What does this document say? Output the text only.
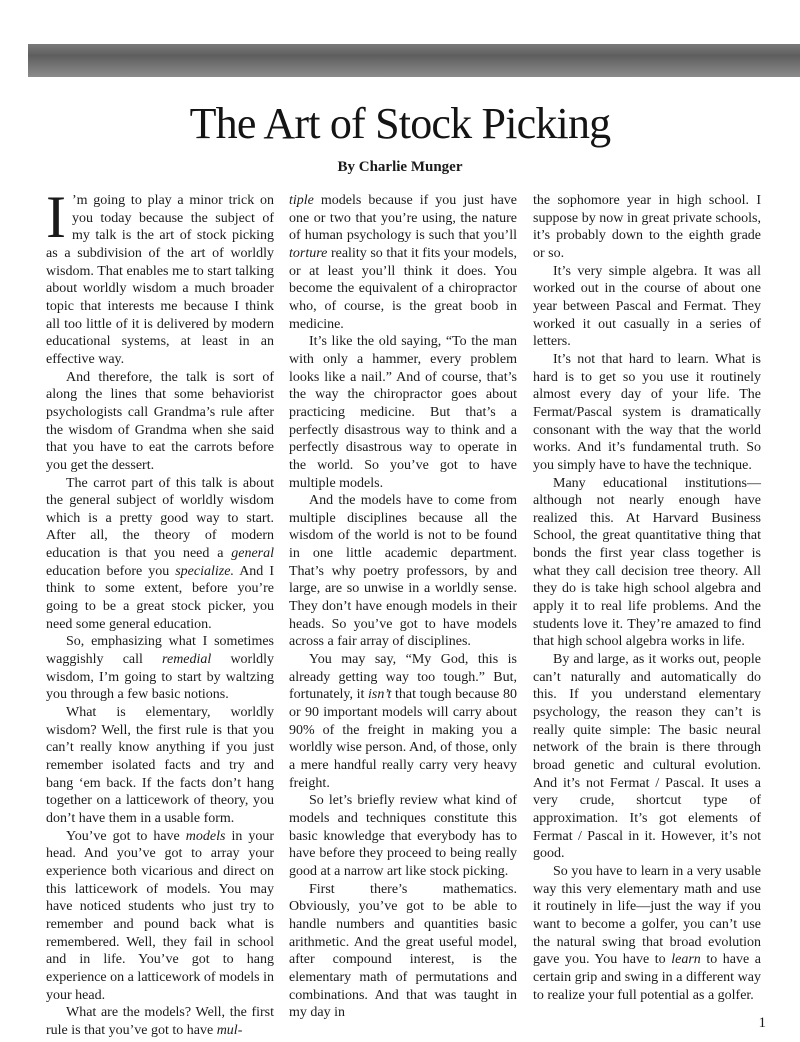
The Art of Stock Picking
By Charlie Munger

I ’m going to play a minor trick on you today because the subject of my talk is the art of stock picking as a subdivision of the art of worldly wisdom. That enables me to start talking about worldly wisdom a much broader topic that interests me because I think all too little of it is delivered by modern educational systems, at least in an effective way.

And therefore, the talk is sort of along the lines that some behaviorist psychologists call Grandma’s rule after the wisdom of Grandma when she said that you have to eat the carrots before you get the dessert.

The carrot part of this talk is about the general subject of worldly wisdom which is a pretty good way to start. After all, the theory of modern education is that you need a general education before you specialize. And I think to some extent, before you’re going to be a great stock picker, you need some general education.

So, emphasizing what I sometimes waggishly call remedial worldly wisdom, I’m going to start by waltzing you through a few basic notions.

What is elementary, worldly wisdom? Well, the first rule is that you can’t really know anything if you just remember isolated facts and try and bang ‘em back. If the facts don’t hang together on a latticework of theory, you don’t have them in a usable form.

You’ve got to have models in your head. And you’ve got to array your experience both vicarious and direct on this latticework of models. You may have noticed students who just try to remember and pound back what is remembered. Well, they fail in school and in life. You’ve got to hang experience on a latticework of models in your head.

What are the models? Well, the first rule is that you’ve got to have mul-

tiple models because if you just have one or two that you’re using, the nature of human psychology is such that you’ll torture reality so that it fits your models, or at least you’ll think it does. You become the equivalent of a chiropractor who, of course, is the great boob in medicine.

It’s like the old saying, “To the man with only a hammer, every problem looks like a nail.” And of course, that’s the way the chiropractor goes about practicing medicine. But that’s a perfectly disastrous way to think and a perfectly disastrous way to operate in the world. So you’ve got to have multiple models.

And the models have to come from multiple disciplines because all the wisdom of the world is not to be found in one little academic department. That’s why poetry professors, by and large, are so unwise in a worldly sense. They don’t have enough models in their heads. So you’ve got to have models across a fair array of disciplines.

You may say, “My God, this is already getting way too tough.” But, fortunately, it isn’t that tough because 80 or 90 important models will carry about 90% of the freight in making you a worldly wise person. And, of those, only a mere handful really carry very heavy freight.

So let’s briefly review what kind of models and techniques constitute this basic knowledge that everybody has to have before they proceed to being really good at a narrow art like stock picking.

First there’s mathematics. Obviously, you’ve got to be able to handle numbers and quantities basic arithmetic. And the great useful model, after compound interest, is the elementary math of permutations and combinations. And that was taught in my day in

the sophomore year in high school. I suppose by now in great private schools, it’s probably down to the eighth grade or so.

It’s very simple algebra. It was all worked out in the course of about one year between Pascal and Fermat. They worked it out casually in a series of letters.

It’s not that hard to learn. What is hard is to get so you use it routinely almost every day of your life. The Fermat/Pascal system is dramatically consonant with the way that the world works. And it’s fundamental truth. So you simply have to have the technique.

Many educational institutions—although not nearly enough have realized this. At Harvard Business School, the great quantitative thing that bonds the first year class together is what they call decision tree theory. All they do is take high school algebra and apply it to real life problems. And the students love it. They’re amazed to find that high school algebra works in life.

By and large, as it works out, people can’t naturally and automatically do this. If you understand elementary psychology, the reason they can’t is really quite simple: The basic neural network of the brain is there through broad genetic and cultural evolution. And it’s not Fermat / Pascal. It uses a very crude, shortcut type of approximation. It’s got elements of Fermat / Pascal in it. However, it’s not good.

So you have to learn in a very usable way this very elementary math and use it routinely in life—just the way if you want to become a golfer, you can’t use the natural swing that broad evolution gave you. You have to learn to have a certain grip and swing in a different way to realize your full potential as a golfer.

1
